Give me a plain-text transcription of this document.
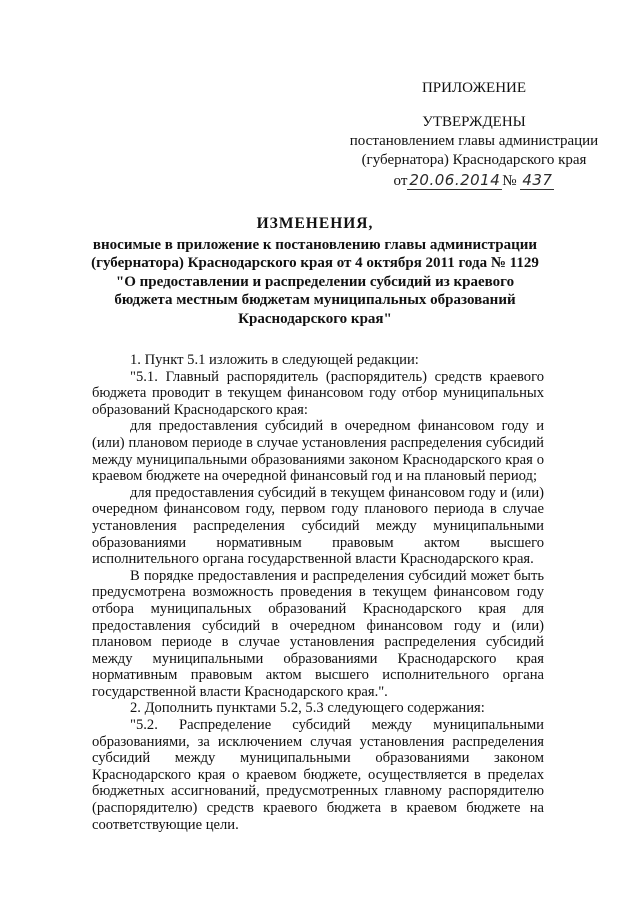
ПРИЛОЖЕНИЕ
УТВЕРЖДЕНЫ
постановлением главы администрации
(губернатора) Краснодарского края
от 20.06.2014 № 437
ИЗМЕНЕНИЯ,
вносимые в приложение к постановлению главы администрации
(губернатора) Краснодарского края от 4 октября 2011 года № 1129
"О предоставлении и распределении субсидий из краевого
бюджета местным бюджетам муниципальных образований
Краснодарского края"

1. Пункт 5.1 изложить в следующей редакции:

"5.1. Главный распорядитель (распорядитель) средств краевого бюджета проводит в текущем финансовом году отбор муниципальных образований Краснодарского края:

для предоставления субсидий в очередном финансовом году и (или) плановом периоде в случае установления распределения субсидий между муниципальными образованиями законом Краснодарского края о краевом бюджете на очередной финансовый год и на плановый период;

для предоставления субсидий в текущем финансовом году и (или) очередном финансовом году, первом году планового периода в случае установления распределения субсидий между муниципальными образованиями нормативным правовым актом высшего исполнительного органа государственной власти Краснодарского края.

В порядке предоставления и распределения субсидий может быть предусмотрена возможность проведения в текущем финансовом году отбора муниципальных образований Краснодарского края для предоставления субсидий в очередном финансовом году и (или) плановом периоде в случае установления распределения субсидий между муниципальными образованиями Краснодарского края нормативным правовым актом высшего исполнительного органа государственной власти Краснодарского края.".

2. Дополнить пунктами 5.2, 5.3 следующего содержания:

"5.2. Распределение субсидий между муниципальными образованиями, за исключением случая установления распределения субсидий между муниципальными образованиями законом Краснодарского края о краевом бюджете, осуществляется в пределах бюджетных ассигнований, предусмотренных главному распорядителю (распорядителю) средств краевого бюджета в краевом бюджете на соответствующие цели.
